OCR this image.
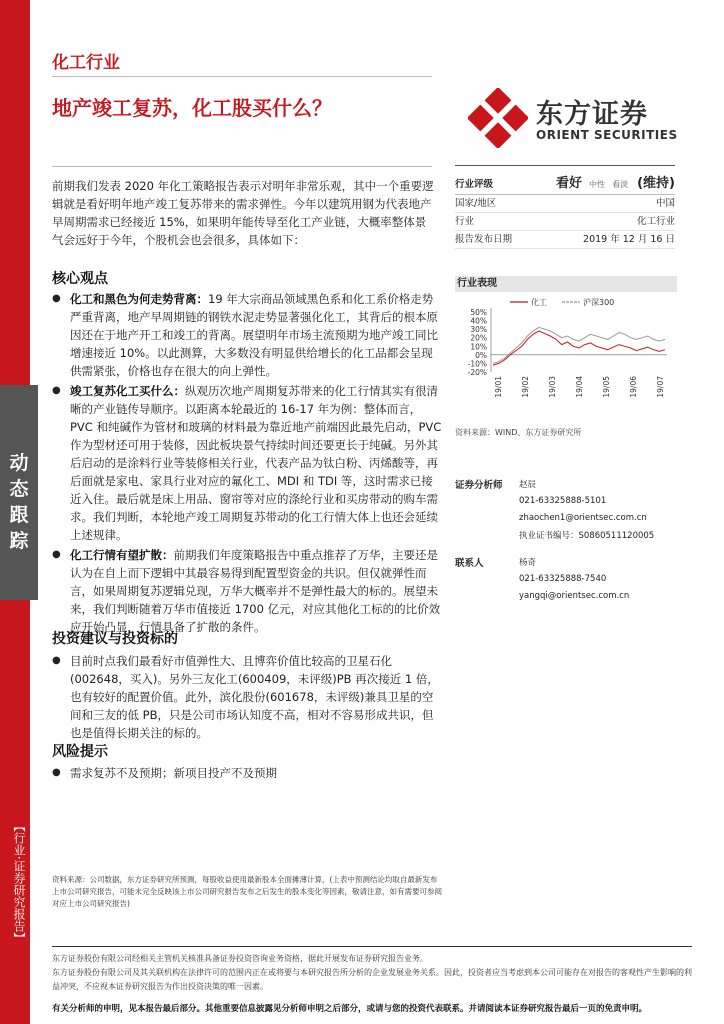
动态跟踪
【行业·证券研究报告】
化工行业
地产竣工复苏，化工股买什么？	东方证券
ORIENT SECURITIES
前期我们发表 2020 年化工策略报告表示对明年非常乐观，其中一个重要逻辑就是看好明年地产竣工复苏带来的需求弹性。今年以建筑用钢为代表地产早周期需求已经接近 15%，如果明年能传导至化工产业链，大概率整体景气会远好于今年，个股机会也会很多，具体如下：
核心观点
● 化工和黑色为何走势背离：19 年大宗商品领域黑色系和化工系价格走势严重背离，地产早周期链的钢铁水泥走势显著强化化工，其背后的根本原因还在于地产开工和竣工的背离。展望明年市场主流预期为地产竣工同比增速接近 10%。以此测算，大多数没有明显供给增长的化工品都会呈现供需紧张，价格也存在很大的向上弹性。
● 竣工复苏化工买什么：纵观历次地产周期复苏带来的化工行情其实有很清晰的产业链传导顺序。以距离本轮最近的 16-17 年为例：整体而言，PVC 和纯碱作为管材和玻璃的材料最为靠近地产前端因此最先启动，PVC 作为型材还可用于装修，因此板块景气持续时间还要更长于纯碱。另外其后启动的是涂料行业等装修相关行业，代表产品为钛白粉、丙烯酸等，再后面就是家电、家具行业对应的氟化工、MDI 和 TDI 等，这时需求已接近入住。最后就是床上用品、窗帘等对应的涤纶行业和买房带动的购车需求。我们判断，本轮地产竣工周期复苏带动的化工行情大体上也还会延续上述规律。
● 化工行情有望扩散：前期我们年度策略报告中重点推荐了万华，主要还是认为在自上而下逻辑中其最容易得到配置型资金的共识。但仅就弹性而言，如果周期复苏逻辑兑现，万华大概率并不是弹性最大的标的。展望未来，我们判断随着万华市值接近 1700 亿元，对应其他化工标的的比价效应开始凸显，行情具备了扩散的条件。
投资建议与投资标的
● 目前时点我们最看好市值弹性大、且博弈价值比较高的卫星石化(002648，买入)。另外三友化工(600409，未评级)PB 再次接近 1 倍，也有较好的配置价值。此外，滨化股份(601678，未评级)兼具卫星的空间和三友的低 PB，只是公司市场认知度不高，相对不容易形成共识，但也是值得长期关注的标的。
风险提示
● 需求复苏不及预期；新项目投产不及预期
行业评级	看好 中性 看淡 (维持)
国家/地区	中国
行业	化工行业
报告发布日期	2019 年 12 月 16 日
行业表现
化工	沪深300
50%
40%
30%
20%
10%
0%
-10%
-20%
19/01 19/02 19/03 19/04 19/05 19/06 19/07
资料来源：WIND、东方证券研究所
证券分析师	赵辰
021-63325888-5101
zhaochen1@orientsec.com.cn
执业证书编号：S0860511120005
联系人	杨奇
021-63325888-7540
yangqi@orientsec.com.cn
资料来源：公司数据，东方证券研究所预测，每股收益使用最新股本全面摊薄计算，(上表中预测结论均取自最新发布上市公司研究报告，可能未完全反映该上市公司研究报告发布之后发生的股本变化等因素，敬请注意，如有需要可参阅对应上市公司研究报告)
东方证券股份有限公司经相关主管机关核准具备证券投资咨询业务资格，据此开展发布证券研究报告业务。
东方证券股份有限公司及其关联机构在法律许可的范围内正在或将要与本研究报告所分析的企业发展业务关系。因此，投资者应当考虑到本公司可能存在对报告的客观性产生影响的利益冲突，不应视本证券研究报告为作出投资决策的唯一因素。
有关分析师的申明，见本报告最后部分。其他重要信息披露见分析师申明之后部分，或请与您的投资代表联系。并请阅读本证券研究报告最后一页的免责申明。
